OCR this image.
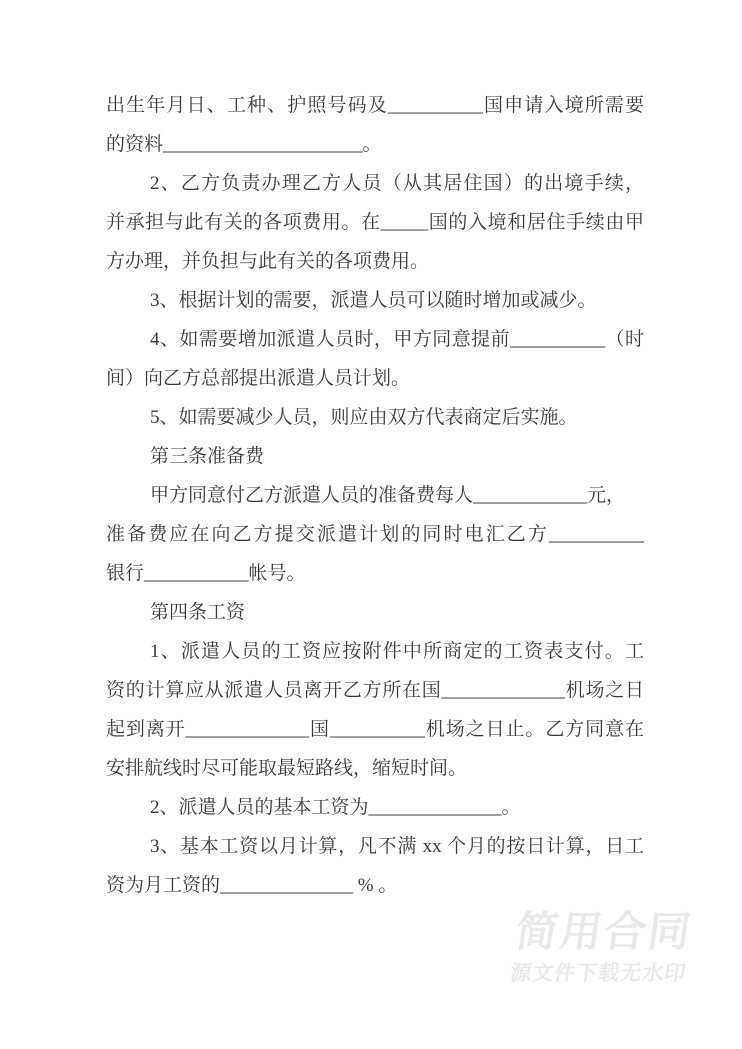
出生年月日、工种、护照号码及__________国申请入境所需要
的资料_____________________。
2、乙方负责办理乙方人员（从其居住国）的出境手续，
并承担与此有关的各项费用。在_____国的入境和居住手续由甲
方办理，并负担与此有关的各项费用。
3、根据计划的需要，派遣人员可以随时增加或减少。
4、如需要增加派遣人员时，甲方同意提前__________（时
间）向乙方总部提出派遣人员计划。
5、如需要减少人员，则应由双方代表商定后实施。
第三条准备费
甲方同意付乙方派遣人员的准备费每人____________元，
准备费应在向乙方提交派遣计划的同时电汇乙方__________
银行___________帐号。
第四条工资
1、派遣人员的工资应按附件中所商定的工资表支付。工
资的计算应从派遣人员离开乙方所在国_____________机场之日
起到离开_____________国__________机场之日止。乙方同意在
安排航线时尽可能取最短路线，缩短时间。
2、派遣人员的基本工资为______________。
3、基本工资以月计算，凡不满 xx 个月的按日计算，日工
资为月工资的______________ % 。
简用合同
源文件下载无水印
